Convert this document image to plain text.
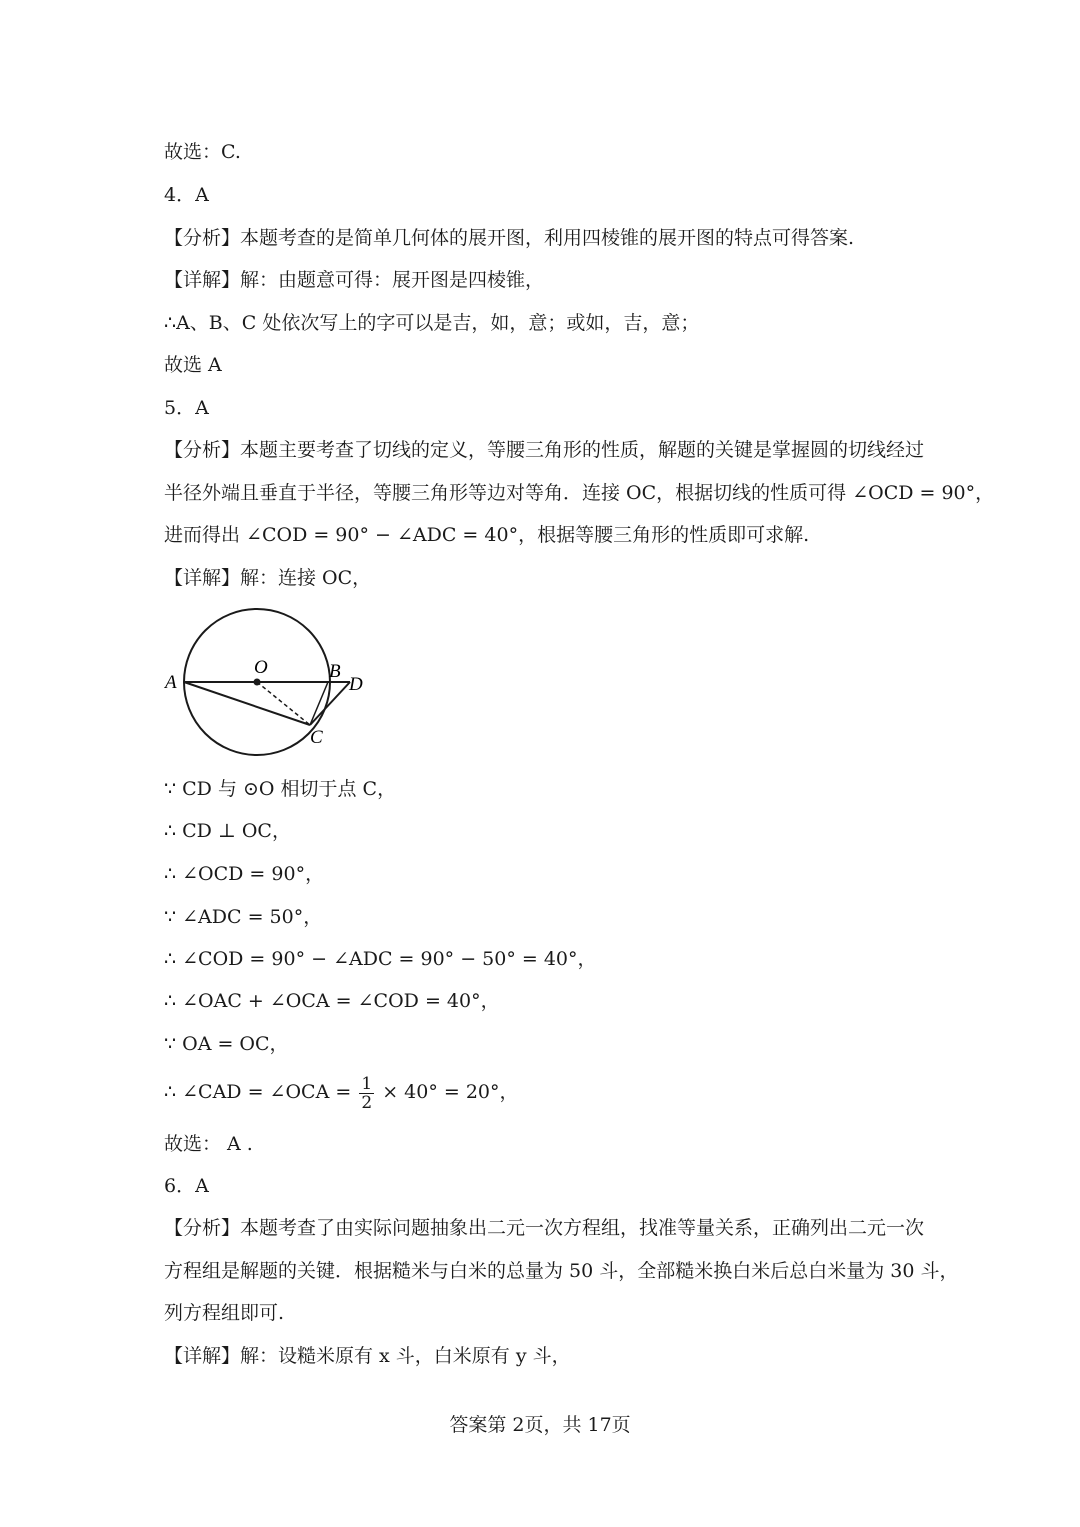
故选：C.
4．A
【分析】本题考查的是简单几何体的展开图，利用四棱锥的展开图的特点可得答案.
【详解】解：由题意可得：展开图是四棱锥，
∴A、B、C 处依次写上的字可以是吉，如，意；或如，吉，意；
故选 A
5．A
【分析】本题主要考查了切线的定义，等腰三角形的性质，解题的关键是掌握圆的切线经过
半径外端且垂直于半径，等腰三角形等边对等角．连接 OC，根据切线的性质可得 ∠OCD = 90°，
进而得出 ∠COD = 90° − ∠ADC = 40°，根据等腰三角形的性质即可求解.
【详解】解：连接 OC，
A
O	B
D
C
∵ CD 与 ⊙O 相切于点 C，
∴ CD ⊥ OC，
∴ ∠OCD = 90°，
∵ ∠ADC = 50°，
∴ ∠COD = 90° − ∠ADC = 90° − 50° = 40°，
∴ ∠OAC + ∠OCA = ∠COD = 40°，
∵ OA = OC，
∴ ∠CAD = ∠OCA = $\frac{1}{2} \times 40^\circ = 20^\circ$，
故选： A .
6．A
【分析】本题考查了由实际问题抽象出二元一次方程组，找准等量关系，正确列出二元一次
方程组是解题的关键．根据糙米与白米的总量为 50 斗，全部糙米换白米后总白米量为 30 斗，
列方程组即可.
【详解】解：设糙米原有 x 斗，白米原有 y 斗，
答案第 2页，共 17页
